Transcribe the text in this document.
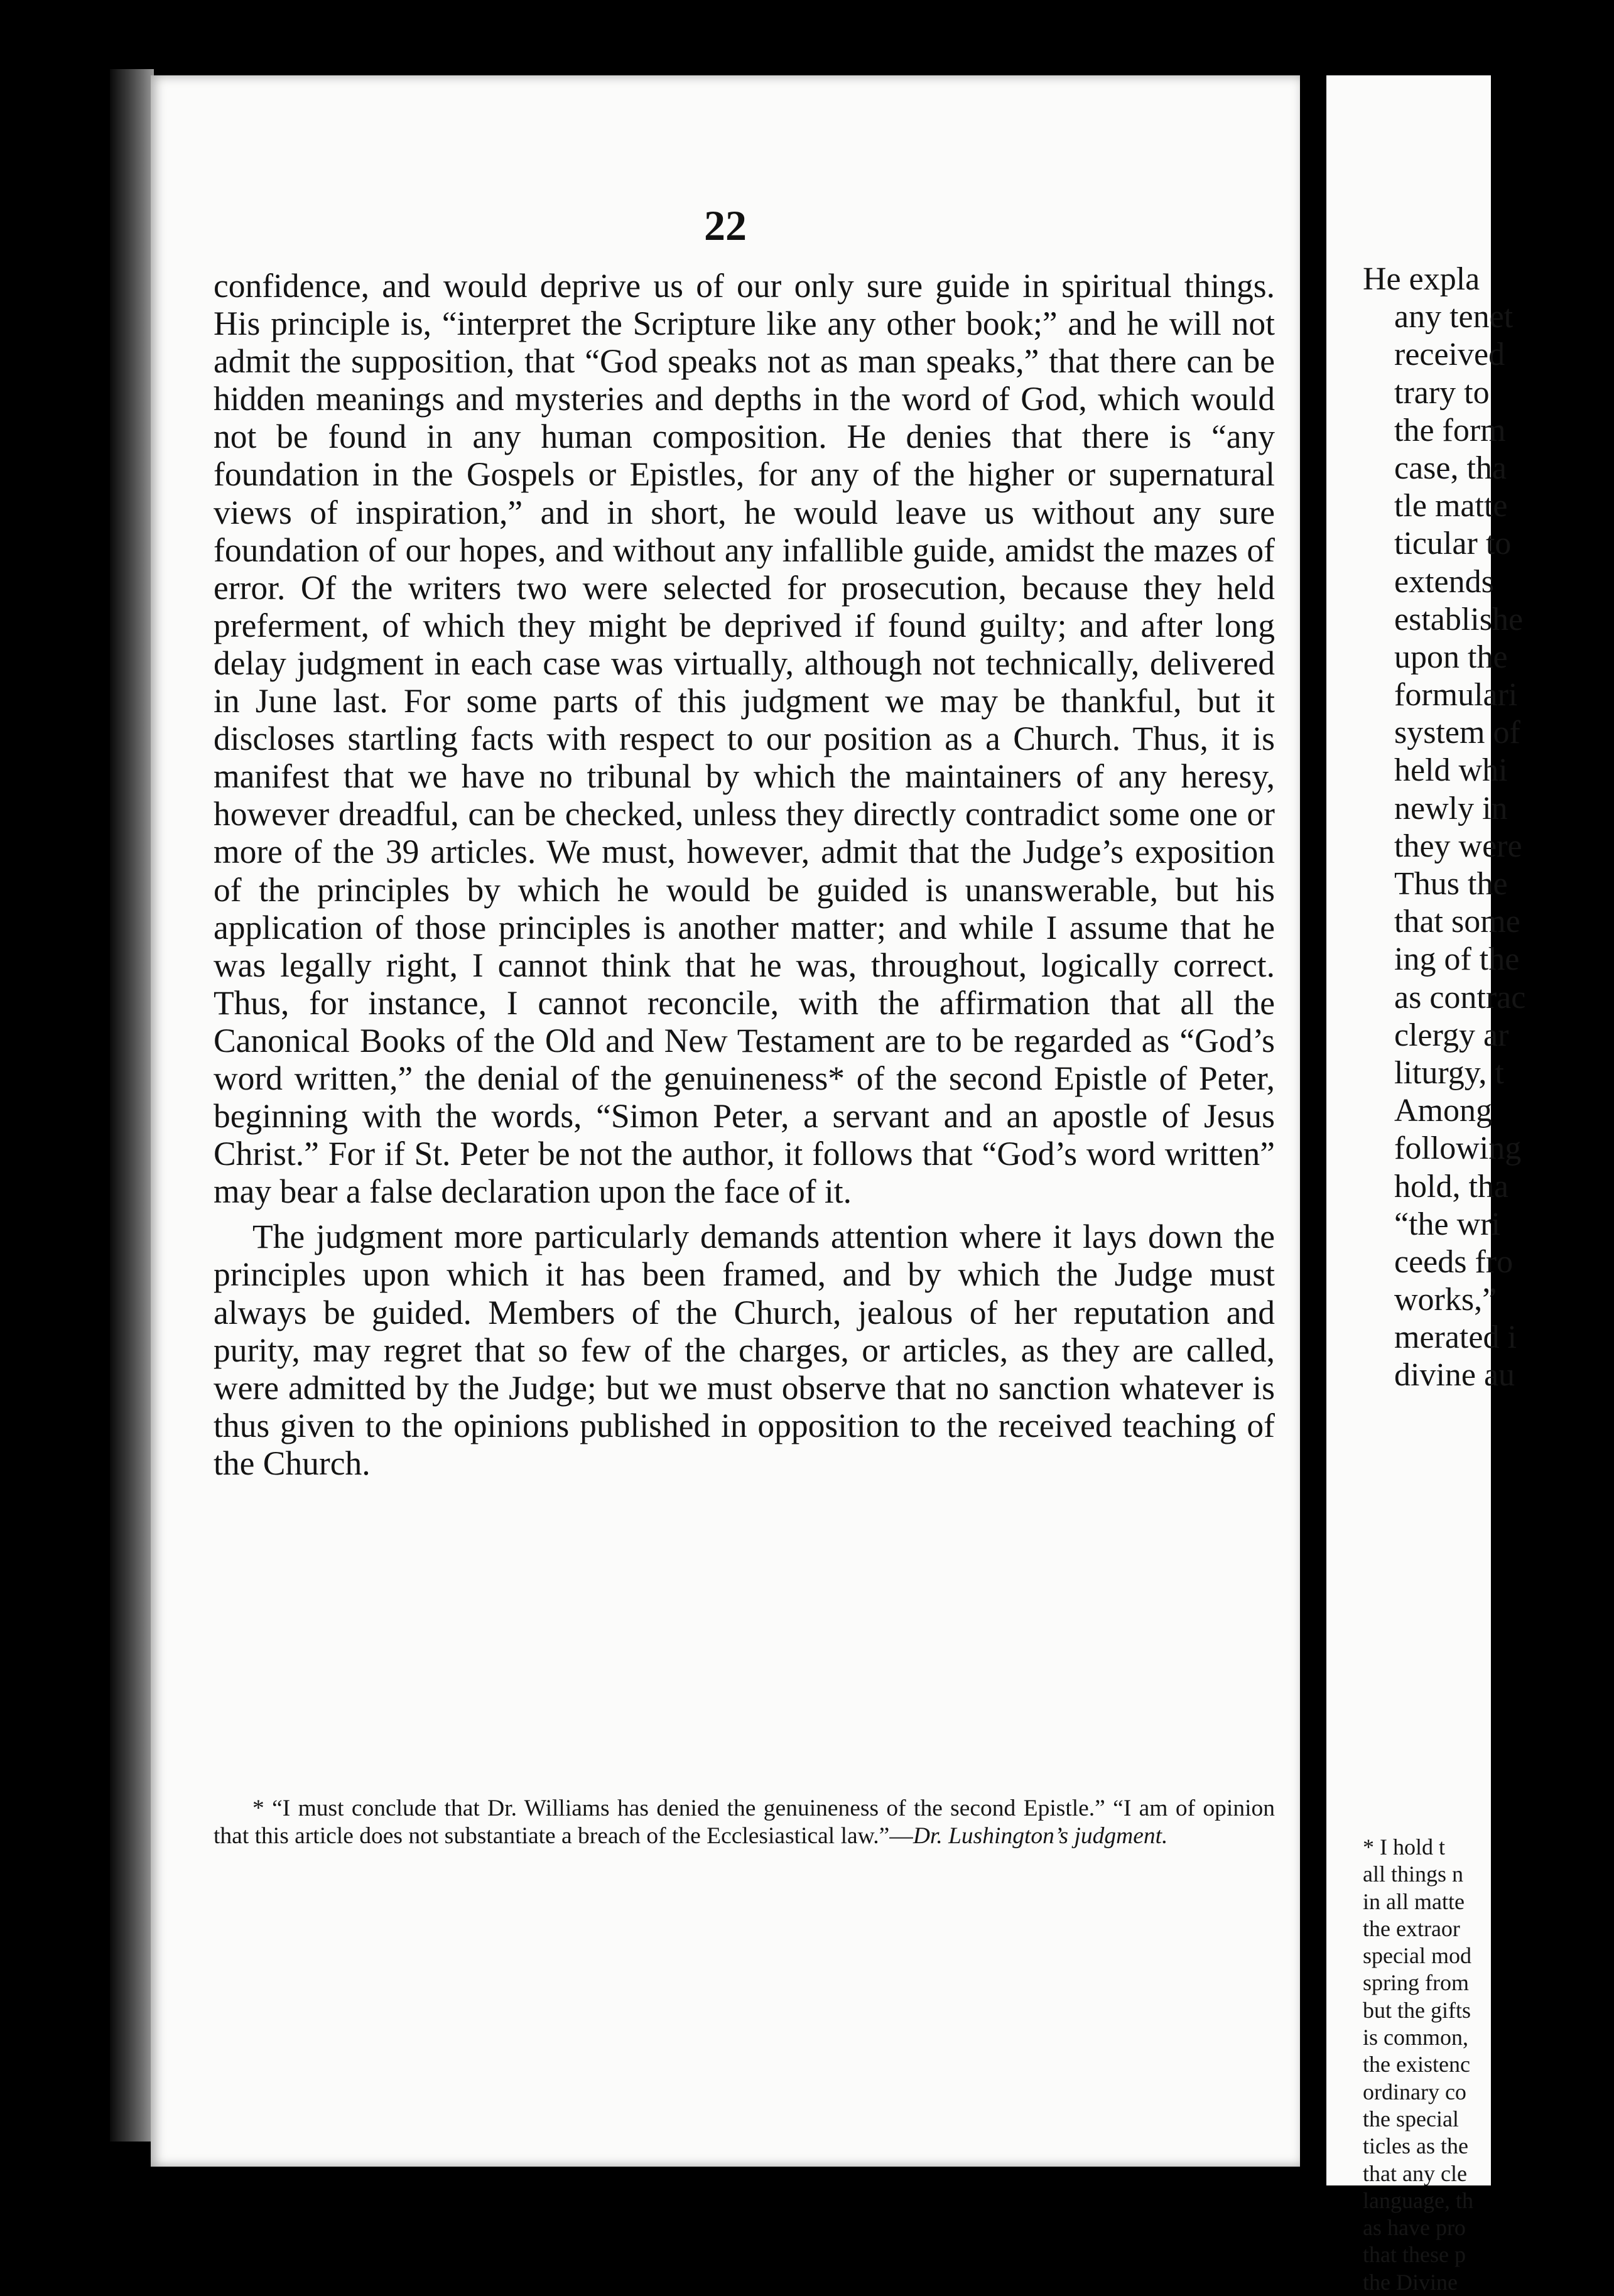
22

confidence, and would deprive us of our only sure guide in spiritual things. His principle is, “interpret the Scripture like any other book;” and he will not admit the supposition, that “God speaks not as man speaks,” that there can be hidden meanings and mysteries and depths in the word of God, which would not be found in any human composition. He denies that there is “any foundation in the Gospels or Epistles, for any of the higher or supernatural views of inspiration,” and in short, he would leave us without any sure foundation of our hopes, and without any infallible guide, amidst the mazes of error. Of the writers two were selected for prosecution, because they held preferment, of which they might be deprived if found guilty; and after long delay judgment in each case was virtually, although not technically, delivered in June last. For some parts of this judgment we may be thankful, but it discloses startling facts with respect to our position as a Church. Thus, it is manifest that we have no tribunal by which the maintainers of any heresy, however dreadful, can be checked, unless they directly contradict some one or more of the 39 articles. We must, however, admit that the Judge’s exposition of the principles by which he would be guided is unanswerable, but his application of those principles is another matter; and while I assume that he was legally right, I cannot think that he was, throughout, logically correct. Thus, for instance, I cannot reconcile, with the affirmation that all the Canonical Books of the Old and New Testament are to be regarded as “God’s word written,” the denial of the genuineness* of the second Epistle of Peter, beginning with the words, “Simon Peter, a servant and an apostle of Jesus Christ.” For if St. Peter be not the author, it follows that “God’s word written” may bear a false declaration upon the face of it.

The judgment more particularly demands attention where it lays down the principles upon which it has been framed, and by which the Judge must always be guided. Members of the Church, jealous of her reputation and purity, may regret that so few of the charges, or articles, as they are called, were admitted by the Judge; but we must observe that no sanction whatever is thus given to the opinions published in opposition to the received teaching of the Church.

* “I must conclude that Dr. Williams has denied the genuineness of the second Epistle.” “I am of opinion that this article does not substantiate a breach of the Ecclesiastical law.”—Dr. Lushington’s judgment.

He expla
any tenet
received
trary to
the form
case, tha
tle matte
ticular to
extends
establishe
upon the
formulari
system of
held whi
newly in
they were
Thus the
that some
ing of the
as contrac
clergy ar
liturgy, t
Among
following
hold, tha
“the wri
ceeds fro
works,”
merated i
divine au
* I hold t
all things n
in all matte
the extraor
special mod
spring from
but the gifts
is common,
the existenc
ordinary co
the special
ticles as the
that any cle
language, th
as have pro
that these p
the Divine
